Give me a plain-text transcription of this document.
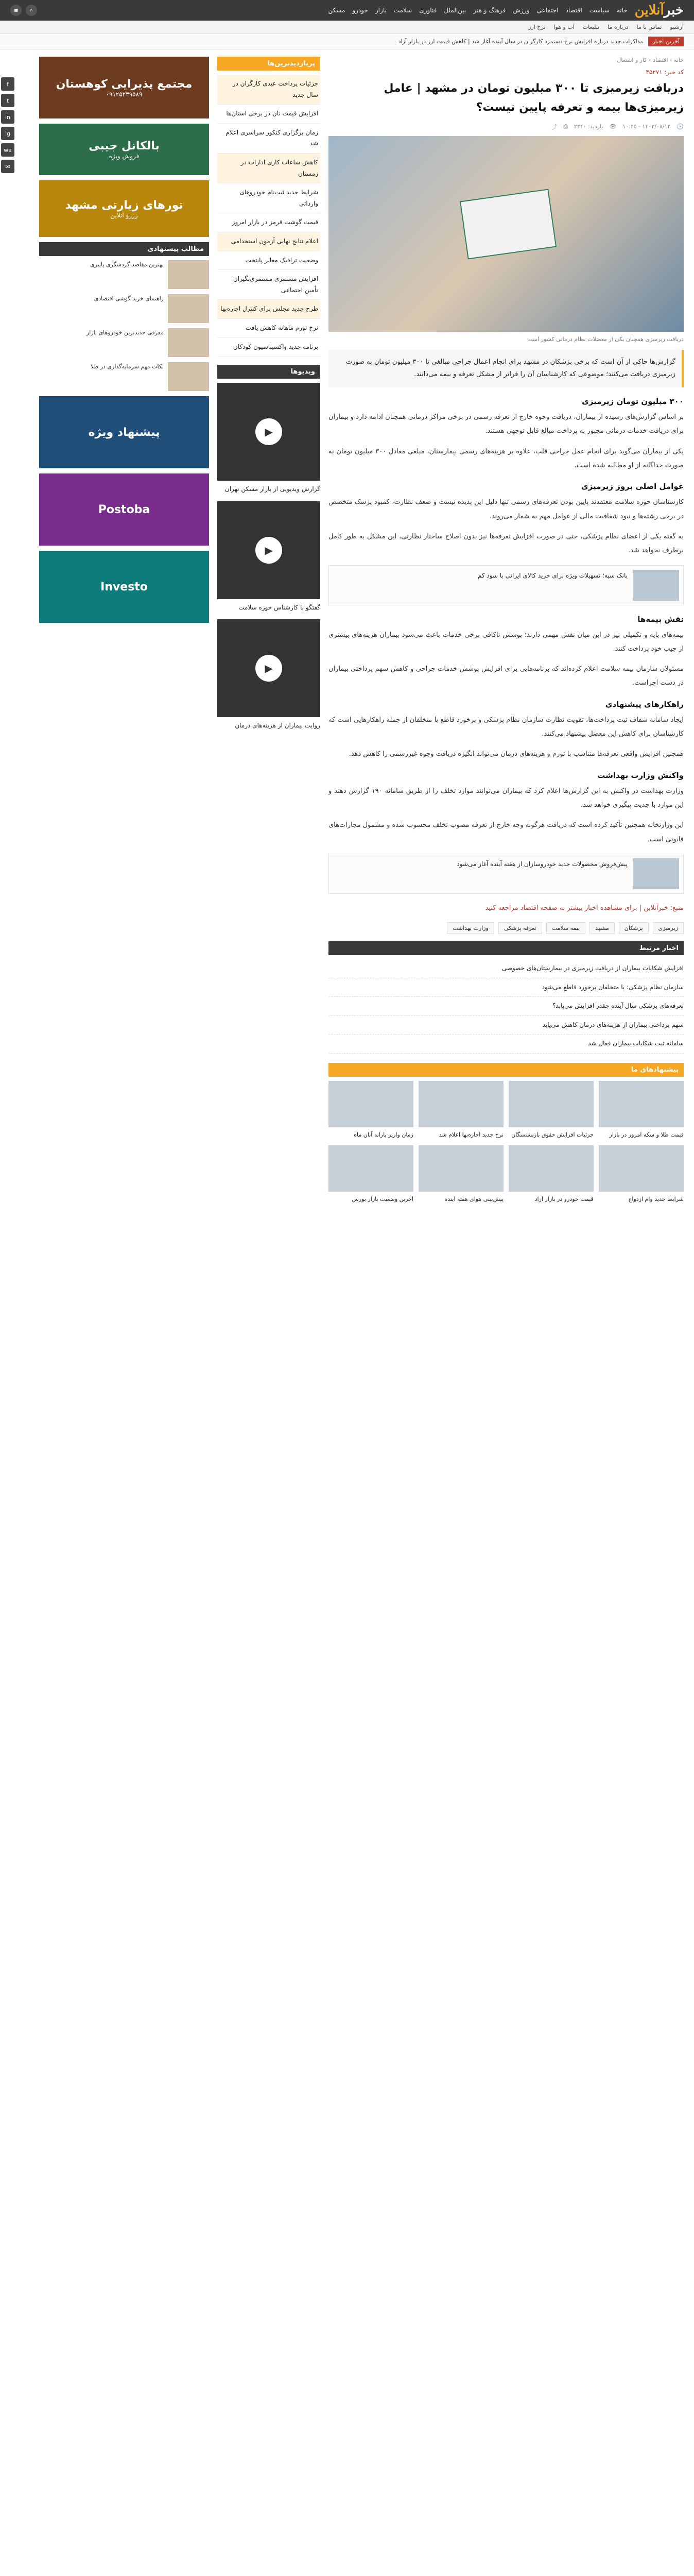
خبرآنلاین
خانه
سیاست
اقتصاد
اجتماعی
ورزش
فرهنگ و هنر
بین‌الملل
فناوری
سلامت
بازار
خودرو
مسکن
⌕
≡
آرشیو
تماس با ما
درباره ما
تبلیغات
آب و هوا
نرخ ارز
آخرین اخبار
مذاکرات جدید درباره افزایش نرخ دستمزد کارگران در سال آینده آغاز شد | کاهش قیمت ارز در بازار آزاد
f
t
in
ig
wa
✉
خانه › اقتصاد › کار و اشتغال
کد خبر: ۴۵۲۷۱
دریافت زیرمیزی تا ۳۰۰ میلیون تومان در مشهد | عامل زیرمیزی‌ها بیمه و تعرفه پایین نیست؟
🕓
۱۴۰۳/۰۸/۱۲ - ۱۰:۴۵
👁
بازدید: ۲۳۴۰
⎙
⤴
دریافت زیرمیزی همچنان یکی از معضلات نظام درمانی کشور است
گزارش‌ها حاکی از آن است که برخی پزشکان در مشهد برای انجام اعمال جراحی مبالغی تا ۳۰۰ میلیون تومان به صورت زیرمیزی دریافت می‌کنند؛ موضوعی که کارشناسان آن را فراتر از مشکل تعرفه و بیمه می‌دانند.
۳۰۰ میلیون تومان زیرمیزی

بر اساس گزارش‌های رسیده از بیماران، دریافت وجوه خارج از تعرفه رسمی در برخی مراکز درمانی همچنان ادامه دارد و بیماران برای دریافت خدمات درمانی مجبور به پرداخت مبالغ قابل توجهی هستند.

یکی از بیماران می‌گوید برای انجام عمل جراحی قلب، علاوه بر هزینه‌های رسمی بیمارستان، مبلغی معادل ۳۰۰ میلیون تومان به صورت جداگانه از او مطالبه شده است.

عوامل اصلی بروز زیرمیزی

کارشناسان حوزه سلامت معتقدند پایین بودن تعرفه‌های رسمی تنها دلیل این پدیده نیست و ضعف نظارت، کمبود پزشک متخصص در برخی رشته‌ها و نبود شفافیت مالی از عوامل مهم به شمار می‌روند.

به گفته یکی از اعضای نظام پزشکی، حتی در صورت افزایش تعرفه‌ها نیز بدون اصلاح ساختار نظارتی، این مشکل به طور کامل برطرف نخواهد شد.

بانک سپه؛ تسهیلات ویژه برای خرید کالای ایرانی با سود کم
نقش بیمه‌ها

بیمه‌های پایه و تکمیلی نیز در این میان نقش مهمی دارند؛ پوشش ناکافی برخی خدمات باعث می‌شود بیماران هزینه‌های بیشتری از جیب خود پرداخت کنند.

مسئولان سازمان بیمه سلامت اعلام کرده‌اند که برنامه‌هایی برای افزایش پوشش خدمات جراحی و کاهش سهم پرداختی بیماران در دست اجراست.

راهکارهای پیشنهادی

ایجاد سامانه شفاف ثبت پرداخت‌ها، تقویت نظارت سازمان نظام پزشکی و برخورد قاطع با متخلفان از جمله راهکارهایی است که کارشناسان برای کاهش این معضل پیشنهاد می‌کنند.

همچنین افزایش واقعی تعرفه‌ها متناسب با تورم و هزینه‌های درمان می‌تواند انگیزه دریافت وجوه غیررسمی را کاهش دهد.

واکنش وزارت بهداشت

وزارت بهداشت در واکنش به این گزارش‌ها اعلام کرد که بیماران می‌توانند موارد تخلف را از طریق سامانه ۱۹۰ گزارش دهند و این موارد با جدیت پیگیری خواهد شد.

این وزارتخانه همچنین تأکید کرده است که دریافت هرگونه وجه خارج از تعرفه مصوب تخلف محسوب شده و مشمول مجازات‌های قانونی است.

پیش‌فروش محصولات جدید خودروسازان از هفته آینده آغاز می‌شود

منبع: خبرآنلاین | برای مشاهده اخبار بیشتر به صفحه اقتصاد مراجعه کنید

زیرمیزی
پزشکان
مشهد
بیمه سلامت
تعرفه پزشکی
وزارت بهداشت
اخبار مرتبط
افزایش شکایات بیماران از دریافت زیرمیزی در بیمارستان‌های خصوصی
سازمان نظام پزشکی: با متخلفان برخورد قاطع می‌شود
تعرفه‌های پزشکی سال آینده چقدر افزایش می‌یابد؟
سهم پرداختی بیماران از هزینه‌های درمان کاهش می‌یابد
سامانه ثبت شکایات بیماران فعال شد
پیشنهادهای ما
قیمت طلا و سکه امروز در بازار
جزئیات افزایش حقوق بازنشستگان
نرخ جدید اجاره‌بها اعلام شد
زمان واریز یارانه آبان ماه
شرایط جدید وام ازدواج
قیمت خودرو در بازار آزاد
پیش‌بینی هوای هفته آینده
آخرین وضعیت بازار بورس
پربازدیدترین‌ها
جزئیات پرداخت عیدی کارگران در سال جدید
افزایش قیمت نان در برخی استان‌ها
زمان برگزاری کنکور سراسری اعلام شد
کاهش ساعات کاری ادارات در زمستان
شرایط جدید ثبت‌نام خودروهای وارداتی
قیمت گوشت قرمز در بازار امروز
اعلام نتایج نهایی آزمون استخدامی
وضعیت ترافیک معابر پایتخت
افزایش مستمری مستمری‌بگیران تأمین اجتماعی
طرح جدید مجلس برای کنترل اجاره‌بها
نرخ تورم ماهانه کاهش یافت
برنامه جدید واکسیناسیون کودکان
ویدیوها
▶
گزارش ویدیویی از بازار مسکن تهران
▶
گفتگو با کارشناس حوزه سلامت
▶
روایت بیماران از هزینه‌های درمان
مجتمع پذیرایی کوهستان
۰۹۱۲۵۲۳۹۵۸۹
بالکانل جیبی
فروش ویژه
تورهای زیارتی مشهد
رزرو آنلاین
مطالب پیشنهادی
بهترین مقاصد گردشگری پاییزی
راهنمای خرید گوشی اقتصادی
معرفی جدیدترین خودروهای بازار
نکات مهم سرمایه‌گذاری در طلا
پیشنهاد ویژه
Postoba
Investo
